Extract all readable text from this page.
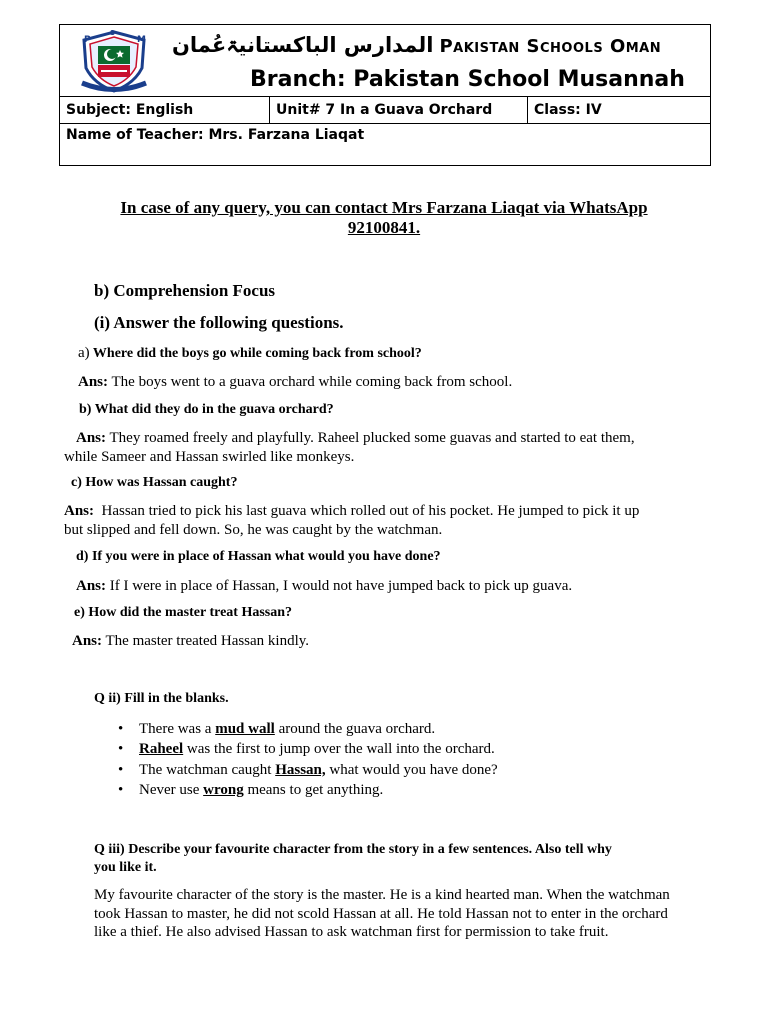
P
S
M المدارس الباکستانیۃعُمان Pakistan Schools Oman
Branch: Pakistan School Musannah
Subject: English	Unit# 7 In a Guava Orchard	Class: IV
Name of Teacher: Mrs. Farzana Liaqat
In case of any query, you can contact Mrs Farzana Liaqat via WhatsApp
92100841.
b) Comprehension Focus
(i) Answer the following questions.
a) Where did the boys go while coming back from school?
Ans: The boys went to a guava orchard while coming back from school.
b) What did they do in the guava orchard?
Ans: They roamed freely and playfully. Raheel plucked some guavas and started to eat them,
while Sameer and Hassan swirled like monkeys.
c) How was Hassan caught?
Ans: Hassan tried to pick his last guava which rolled out of his pocket. He jumped to pick it up
but slipped and fell down. So, he was caught by the watchman.
d) If you were in place of Hassan what would you have done?
Ans: If I were in place of Hassan, I would not have jumped back to pick up guava.
e) How did the master treat Hassan?
Ans: The master treated Hassan kindly.
Q ii) Fill in the blanks.
• There was a mud wall around the guava orchard.
• Raheel was the first to jump over the wall into the orchard.
• The watchman caught Hassan, what would you have done?
• Never use wrong means to get anything.
Q iii) Describe your favourite character from the story in a few sentences. Also tell why
you like it.
My favourite character of the story is the master. He is a kind hearted man. When the watchman
took Hassan to master, he did not scold Hassan at all. He told Hassan not to enter in the orchard
like a thief. He also advised Hassan to ask watchman first for permission to take fruit.
